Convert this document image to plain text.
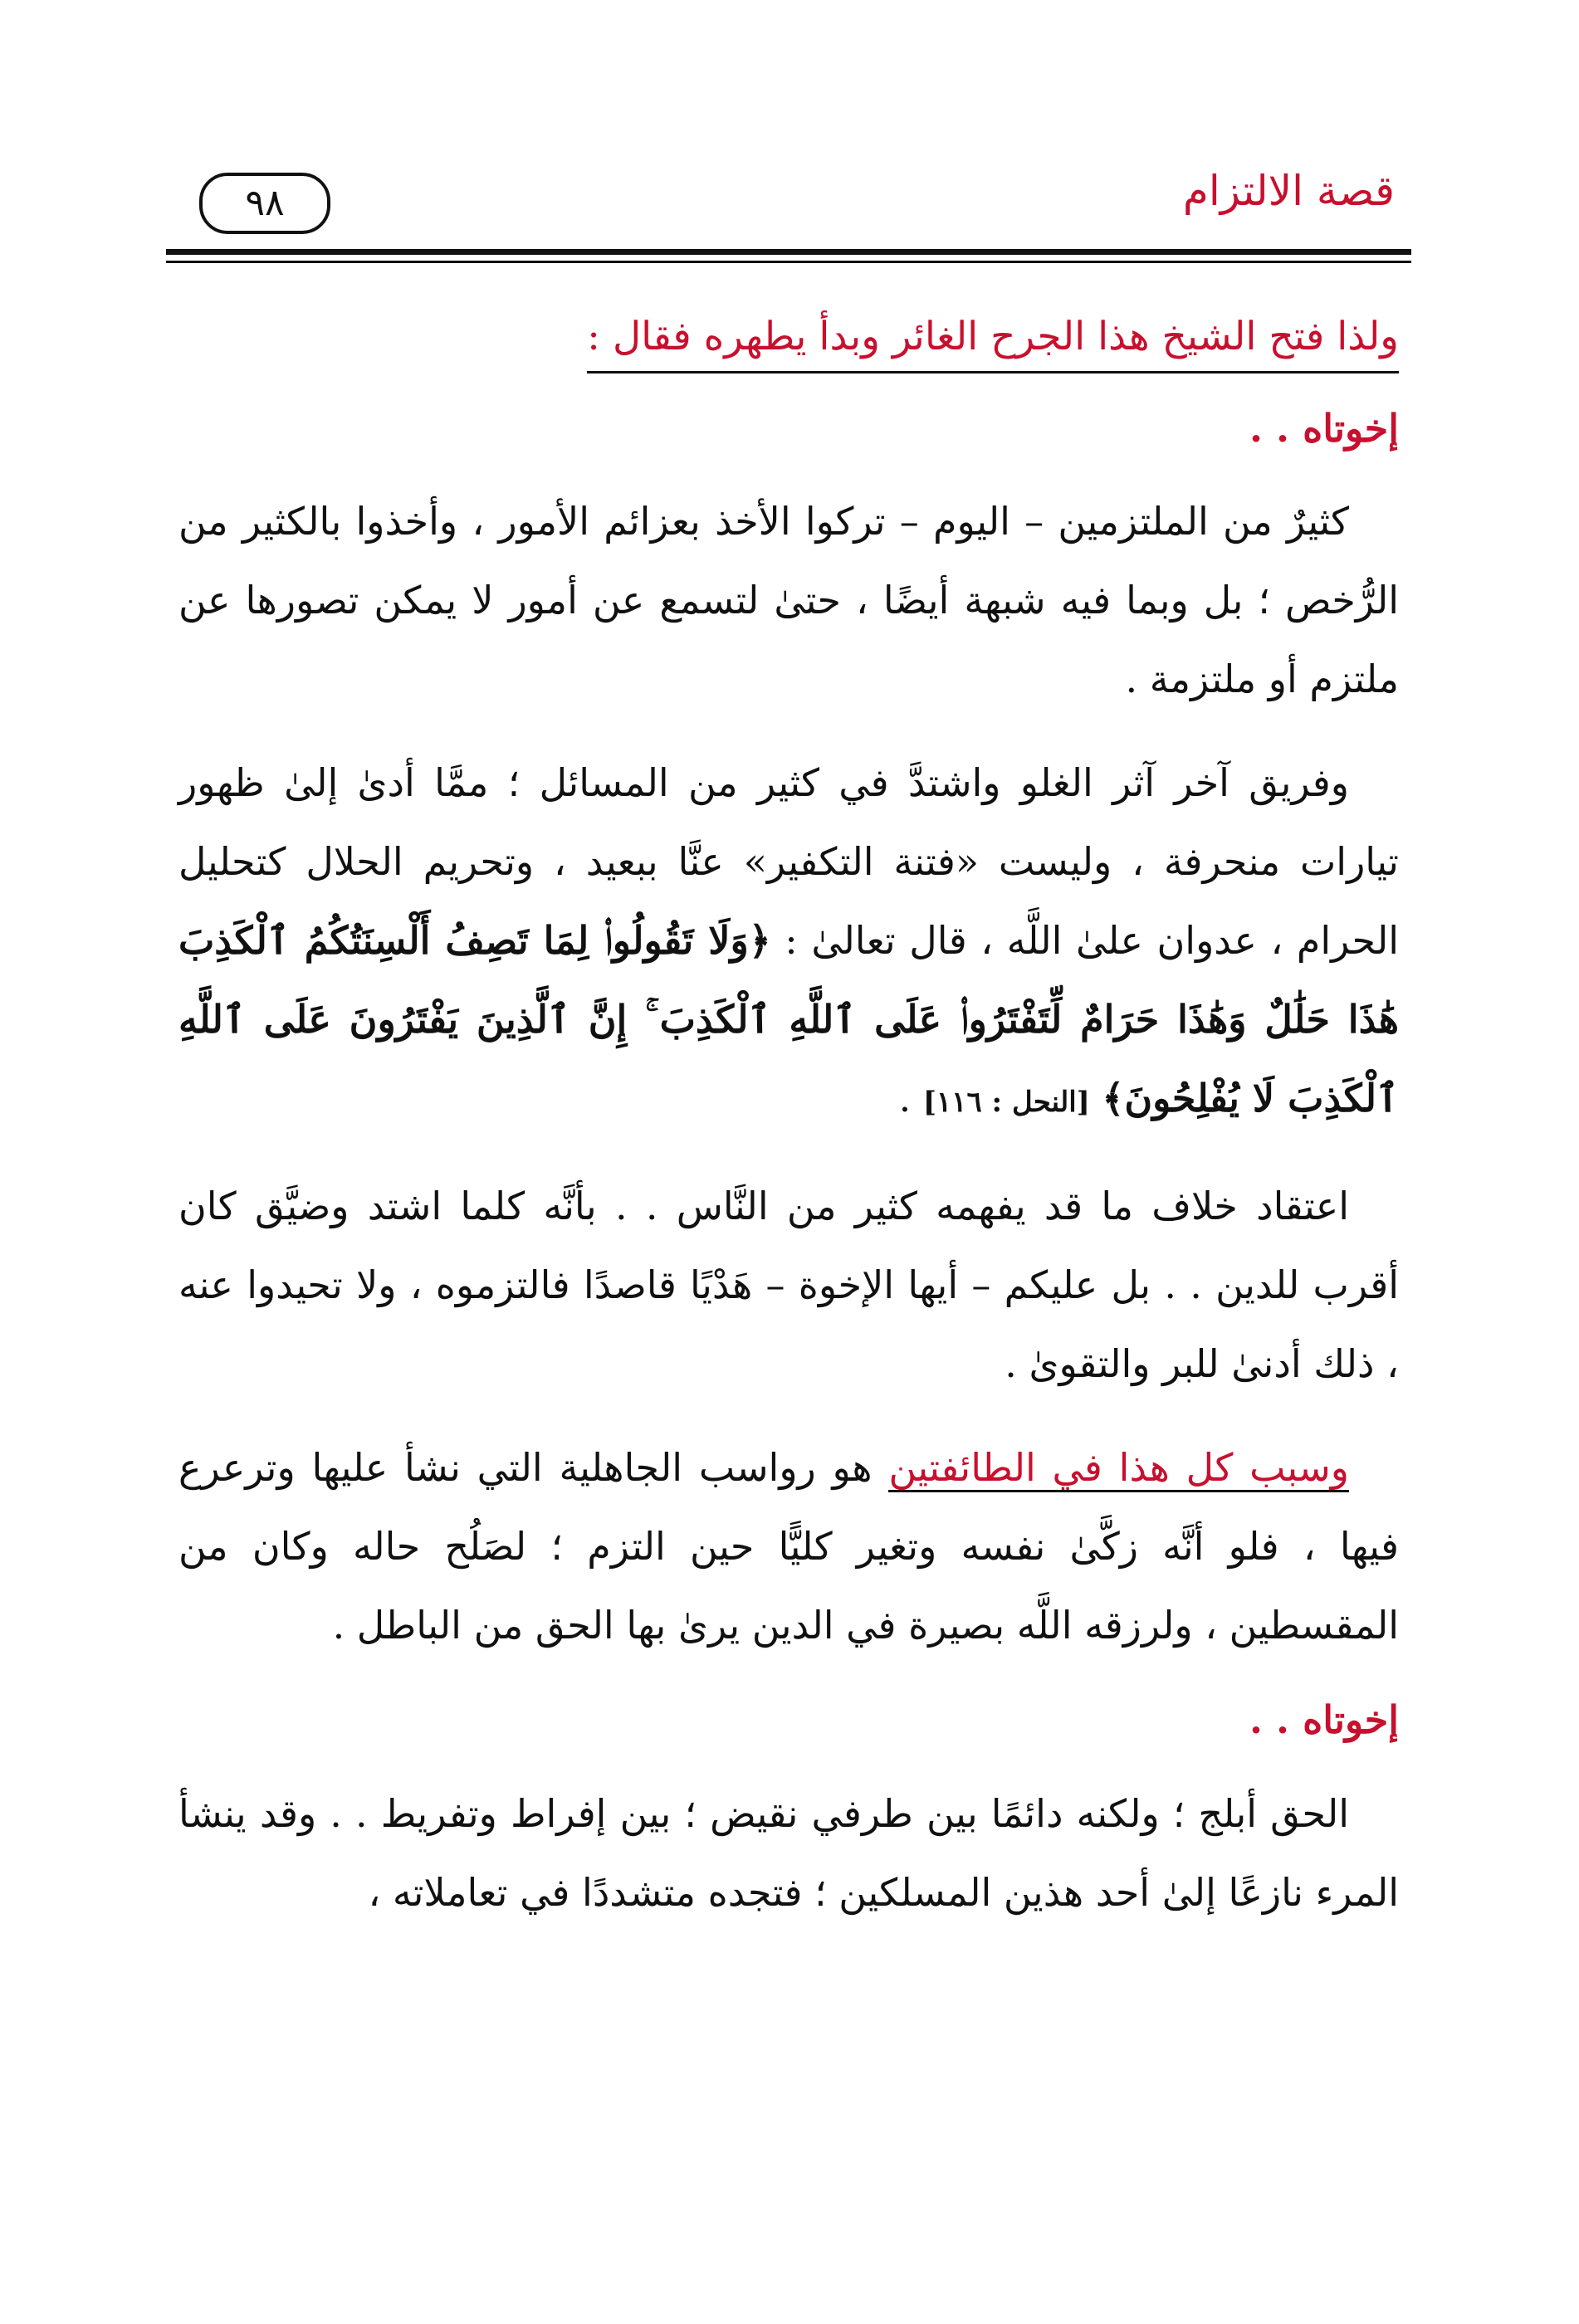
قصة الالتزام
٩٨
ولذا فتح الشيخ هذا الجرح الغائر وبدأ يطهره فقال :
إخوتاه . .

كثيرٌ من الملتزمين – اليوم – تركوا الأخذ بعزائم الأمور ، وأخذوا بالكثير من الرُّخص ؛ بل وبما فيه شبهة أيضًا ، حتىٰ لتسمع عن أمور لا يمكن تصورها عن ملتزم أو ملتزمة .

وفريق آخر آثر الغلو واشتدَّ في كثير من المسائل ؛ ممَّا أدىٰ إلىٰ ظهور تيارات منحرفة ، وليست «فتنة التكفير» عنَّا ببعيد ، وتحريم الحلال كتحليل الحرام ، عدوان علىٰ اللَّه ، قال تعالىٰ : ﴿وَلَا تَقُولُوا۟ لِمَا تَصِفُ أَلْسِنَتُكُمُ ٱلْكَذِبَ هَٰذَا حَلَٰلٌ وَهَٰذَا حَرَامٌ لِّتَفْتَرُوا۟ عَلَى ٱللَّهِ ٱلْكَذِبَ ۚ إِنَّ ٱلَّذِينَ يَفْتَرُونَ عَلَى ٱللَّهِ ٱلْكَذِبَ لَا يُفْلِحُونَ﴾ [النحل : ١١٦] .

اعتقاد خلاف ما قد يفهمه كثير من النَّاس . . بأنَّه كلما اشتد وضيَّق كان أقرب للدين . . بل عليكم – أيها الإخوة – هَدْيًا قاصدًا فالتزموه ، ولا تحيدوا عنه ، ذلك أدنىٰ للبر والتقوىٰ .

وسبب كل هذا في الطائفتين هو رواسب الجاهلية التي نشأ عليها وترعرع فيها ، فلو أنَّه زكَّىٰ نفسه وتغير كليًّا حين التزم ؛ لصَلُح حاله وكان من المقسطين ، ولرزقه اللَّه بصيرة في الدين يرىٰ بها الحق من الباطل .

إخوتاه . .

الحق أبلج ؛ ولكنه دائمًا بين طرفي نقيض ؛ بين إفراط وتفريط . . وقد ينشأ المرء نازعًا إلىٰ أحد هذين المسلكين ؛ فتجده متشددًا في تعاملاته ،
